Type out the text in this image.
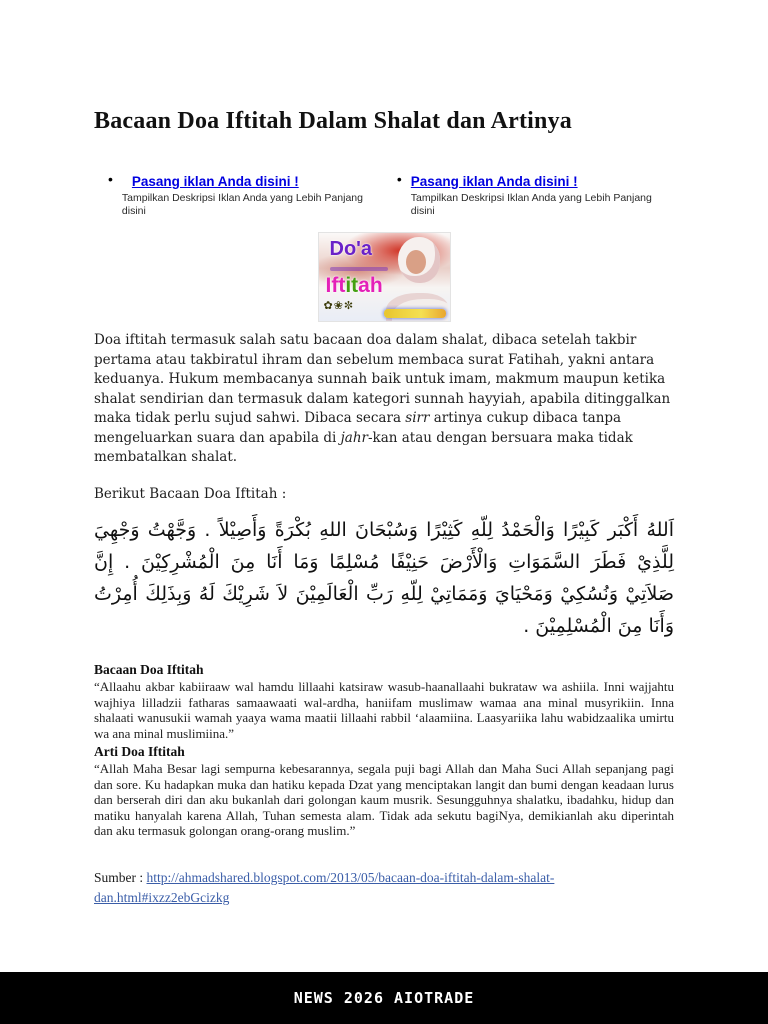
Bacaan Doa Iftitah Dalam Shalat dan Artinya
•	Pasang iklan Anda disini !
Tampilkan Deskripsi Iklan Anda yang Lebih Panjang disini
• Pasang iklan Anda disini !
Tampilkan Deskripsi Iklan Anda yang Lebih Panjang disini
Do'a
Iftitah
✿❀✼

Doa iftitah termasuk salah satu bacaan doa dalam shalat, dibaca setelah takbir pertama atau takbiratul ihram dan sebelum membaca surat Fatihah, yakni antara keduanya. Hukum membacanya sunnah baik untuk imam, makmum maupun ketika shalat sendirian dan termasuk dalam kategori sunnah hayyiah, apabila ditinggalkan maka tidak perlu sujud sahwi. Dibaca secara sirr artinya cukup dibaca tanpa mengeluarkan suara dan apabila di jahr-kan atau dengan bersuara maka tidak membatalkan shalat.

Berikut Bacaan Doa Iftitah :

اَللهُ أَكْبَر كَبِيْرًا وَالْحَمْدُ لِلّهِ كَثِيْرًا وَسُبْحَانَ اللهِ بُكْرَةً وَأَصِيْلاً . وَجَّهْتُ وَجْهِيَ لِلَّذِيْ فَطَرَ السَّمَوَاتِ وَالْأَرْضَ حَنِيْفًا مُسْلِمًا وَمَا أَنَا مِنَ الْمُشْرِكِيْنَ . إِنَّ صَلاَتِيْ وَنُسُكِيْ وَمَحْيَايَ وَمَمَاتِيْ لِلّهِ رَبِّ الْعَالَمِيْنَ لاَ شَرِيْكَ لَهُ وَبِذَلِكَ أُمِرْتُ وَأَنَا مِنَ الْمُسْلِمِيْنَ .

Bacaan Doa Iftitah

“Allaahu akbar kabiiraaw wal hamdu lillaahi katsiraw wasub-haanallaahi bukrataw wa ashiila. Inni wajjahtu wajhiya lilladzii fatharas samaawaati wal-ardha, haniifam muslimaw wamaa ana minal musyrikiin. Inna shalaati wanusukii wamah yaaya wama maatii lillaahi rabbil ʻalaamiina. Laasyariika lahu wabidzaalika umirtu wa ana minal muslimiina.”

Arti Doa Iftitah

“Allah Maha Besar lagi sempurna kebesarannya, segala puji bagi Allah dan Maha Suci Allah sepanjang pagi dan sore. Ku hadapkan muka dan hatiku kepada Dzat yang menciptakan langit dan bumi dengan keadaan lurus dan berserah diri dan aku bukanlah dari golongan kaum musrik. Sesungguhnya shalatku, ibadahku, hidup dan matiku hanyalah karena Allah, Tuhan semesta alam. Tidak ada sekutu bagiNya, demikianlah aku diperintah dan aku termasuk golongan orang-orang muslim.”

Sumber : http://ahmadshared.blogspot.com/2013/05/bacaan-doa-iftitah-dalam-shalat-dan.html#ixzz2ebGcizkg

NEWS 2026 AIOTRADE
